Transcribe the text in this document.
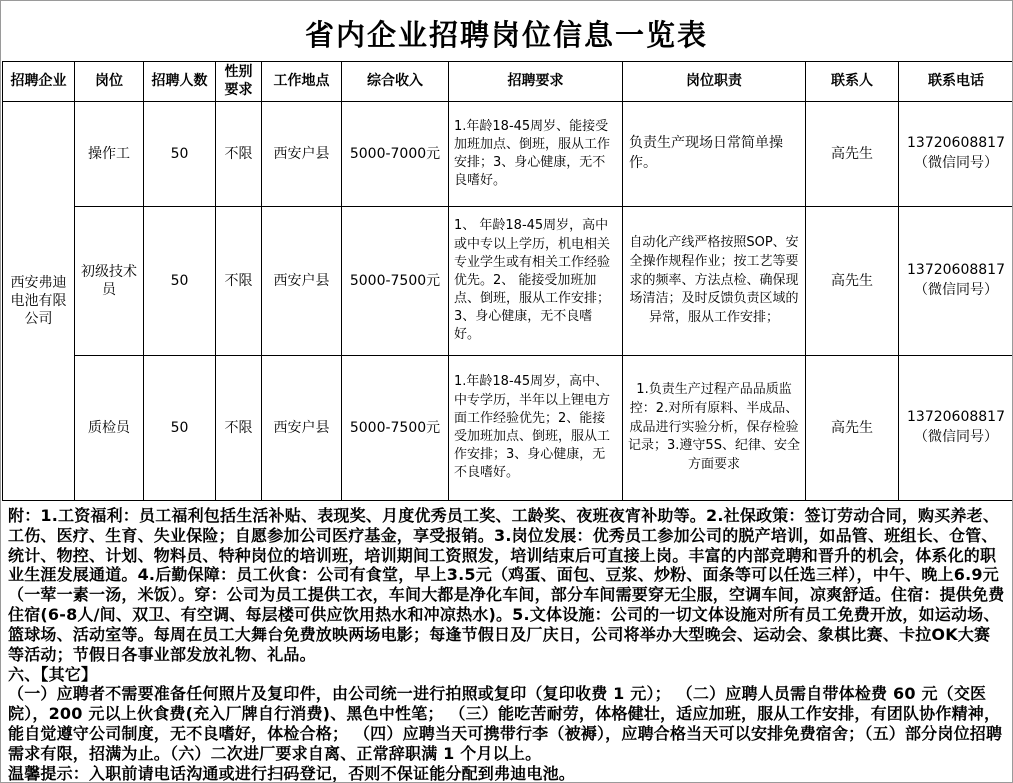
省内企业招聘岗位信息一览表
招聘企业	岗位	招聘人数	性别要求	工作地点	综合收入	招聘要求	岗位职责	联系人	联系电话
西安弗迪电池有限公司	操作工	50	不限	西安户县	5000-7000元	1.年龄18-45周岁、能接受加班加点、倒班，服从工作安排；3、身心健康，无不良嗜好。	负责生产现场日常简单操作。	高先生	13720608817（微信同号）
	初级技术员	50	不限	西安户县	5000-7500元	1、 年龄18-45周岁，高中或中专以上学历，机电相关专业学生或有相关工作经验优先。2、 能接受加班加点、倒班，服从工作安排；3、身心健康，无不良嗜好。	自动化产线严格按照SOP、安全操作规程作业；按工艺等要求的频率、方法点检、确保现场清洁；及时反馈负责区域的异常，服从工作安排；	高先生	13720608817（微信同号）
	质检员	50	不限	西安户县	5000-7500元	1.年龄18-45周岁，高中、中专学历，半年以上锂电方面工作经验优先；2、能接受加班加点、倒班，服从工作安排；3、身心健康，无不良嗜好。	1.负责生产过程产品品质监控：2.对所有原料、半成品、成品进行实验分析，保存检验记录；3.遵守5S、纪律、安全方面要求	高先生	13720608817（微信同号）

附：1.工资福利：员工福利包括生活补贴、表现奖、月度优秀员工奖、工龄奖、夜班夜宵补助等。2.社保政策：签订劳动合同，购买养老、工伤、医疗、生育、失业保险；自愿参加公司医疗基金，享受报销。3.岗位发展：优秀员工参加公司的脱产培训，如品管、班组长、仓管、统计、物控、计划、物料员、特种岗位的培训班，培训期间工资照发，培训结束后可直接上岗。丰富的内部竞聘和晋升的机会，体系化的职业生涯发展通道。4.后勤保障：员工伙食：公司有食堂，早上3.5元（鸡蛋、面包、豆浆、炒粉、面条等可以任选三样），中午、晚上6.9元（一荤一素一汤，米饭）。穿：公司为员工提供工衣，车间大都是净化车间，部分车间需要穿无尘服，空调车间，凉爽舒适。住宿：提供免费住宿(6-8人/间、双卫、有空调、每层楼可供应饮用热水和冲凉热水)。5.文体设施：公司的一切文体设施对所有员工免费开放，如运动场、篮球场、活动室等。每周在员工大舞台免费放映两场电影；每逢节假日及厂庆日，公司将举办大型晚会、运动会、象棋比赛、卡拉OK大赛等活动；节假日各事业部发放礼物、礼品。

六、【其它】

（一）应聘者不需要准备任何照片及复印件，由公司统一进行拍照或复印（复印收费 1 元）； （二）应聘人员需自带体检费 60 元（交医院），200 元以上伙食费(充入厂牌自行消费)、黑色中性笔； （三）能吃苦耐劳，体格健壮，适应加班，服从工作安排，有团队协作精神，能自觉遵守公司制度，无不良嗜好，体检合格； （四）应聘当天可携带行李（被褥），应聘合格当天可以安排免费宿舍；（五）部分岗位招聘需求有限，招满为止。（六）二次进厂要求自离、正常辞职满 1 个月以上。

温馨提示：入职前请电话沟通或进行扫码登记，否则不保证能分配到弗迪电池。
